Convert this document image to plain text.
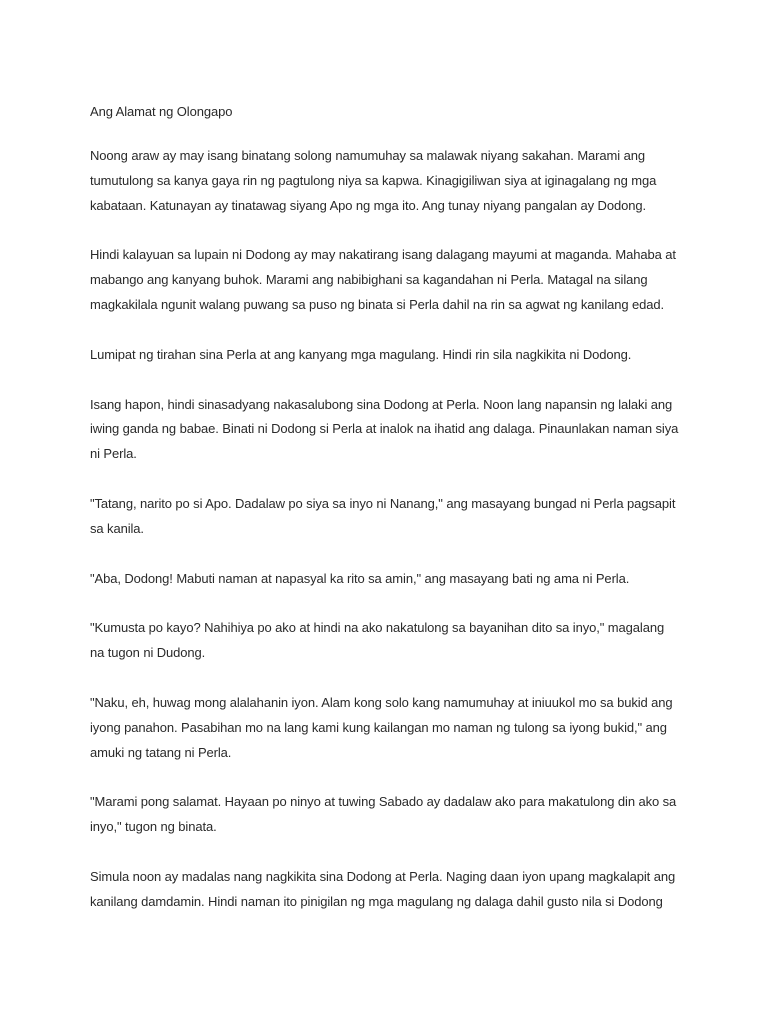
Ang Alamat ng Olongapo

Noong araw ay may isang binatang solong namumuhay sa malawak niyang sakahan. Marami ang tumutulong sa kanya gaya rin ng pagtulong niya sa kapwa. Kinagigiliwan siya at iginagalang ng mga kabataan. Katunayan ay tinatawag siyang Apo ng mga ito. Ang tunay niyang pangalan ay Dodong.

Hindi kalayuan sa lupain ni Dodong ay may nakatirang isang dalagang mayumi at maganda. Mahaba at mabango ang kanyang buhok. Marami ang nabibighani sa kagandahan ni Perla. Matagal na silang magkakilala ngunit walang puwang sa puso ng binata si Perla dahil na rin sa agwat ng kanilang edad.

Lumipat ng tirahan sina Perla at ang kanyang mga magulang. Hindi rin sila nagkikita ni Dodong.

Isang hapon, hindi sinasadyang nakasalubong sina Dodong at Perla. Noon lang napansin ng lalaki ang iwing ganda ng babae. Binati ni Dodong si Perla at inalok na ihatid ang dalaga. Pinaunlakan naman siya ni Perla.

"Tatang, narito po si Apo. Dadalaw po siya sa inyo ni Nanang," ang masayang bungad ni Perla pagsapit sa kanila.

"Aba, Dodong! Mabuti naman at napasyal ka rito sa amin," ang masayang bati ng ama ni Perla.

"Kumusta po kayo? Nahihiya po ako at hindi na ako nakatulong sa bayanihan dito sa inyo," magalang na tugon ni Dudong.

"Naku, eh, huwag mong alalahanin iyon. Alam kong solo kang namumuhay at iniuukol mo sa bukid ang iyong panahon. Pasabihan mo na lang kami kung kailangan mo naman ng tulong sa iyong bukid," ang amuki ng tatang ni Perla.

"Marami pong salamat. Hayaan po ninyo at tuwing Sabado ay dadalaw ako para makatulong din ako sa inyo," tugon ng binata.

Simula noon ay madalas nang nagkikita sina Dodong at Perla. Naging daan iyon upang magkalapit ang kanilang damdamin. Hindi naman ito pinigilan ng mga magulang ng dalaga dahil gusto nila si Dodong
